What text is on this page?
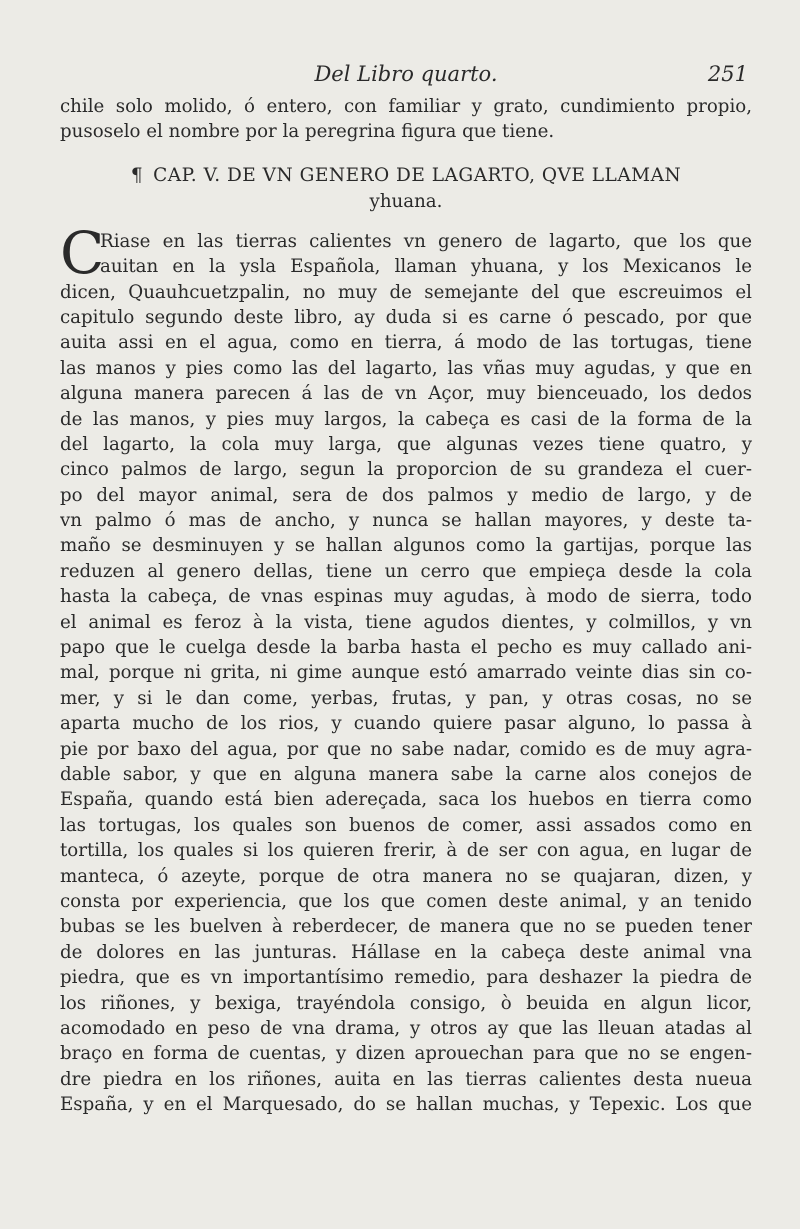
Del Libro quarto.	251
chile solo molido, ó entero, con familiar y grato, cundimiento propio,
pusoselo el nombre por la peregrina figura que tiene.
¶ CAP. V. DE VN GENERO DE LAGARTO, QVE LLAMAN
yhuana.
C
Riase en las tierras calientes vn genero de lagarto, que los que
auitan en la ysla Española, llaman yhuana, y los Mexicanos le
dicen, Quauhcuetzpalin, no muy de semejante del que escreuimos el
capitulo segundo deste libro, ay duda si es carne ó pescado, por que
auita assi en el agua, como en tierra, á modo de las tortugas, tiene
las manos y pies como las del lagarto, las vñas muy agudas, y que en
alguna manera parecen á las de vn Açor, muy bienceuado, los dedos
de las manos, y pies muy largos, la cabeça es casi de la forma de la
del lagarto, la cola muy larga, que algunas vezes tiene quatro, y
cinco palmos de largo, segun la proporcion de su grandeza el cuer-
po del mayor animal, sera de dos palmos y medio de largo, y de
vn palmo ó mas de ancho, y nunca se hallan mayores, y deste ta-
maño se desminuyen y se hallan algunos como la gartijas, porque las
reduzen al genero dellas, tiene un cerro que empieça desde la cola
hasta la cabeça, de vnas espinas muy agudas, à modo de sierra, todo
el animal es feroz à la vista, tiene agudos dientes, y colmillos, y vn
papo que le cuelga desde la barba hasta el pecho es muy callado ani-
mal, porque ni grita, ni gime aunque estó amarrado veinte dias sin co-
mer, y si le dan come, yerbas, frutas, y pan, y otras cosas, no se
aparta mucho de los rios, y cuando quiere pasar alguno, lo passa à
pie por baxo del agua, por que no sabe nadar, comido es de muy agra-
dable sabor, y que en alguna manera sabe la carne alos conejos de
España, quando está bien adereçada, saca los huebos en tierra como
las tortugas, los quales son buenos de comer, assi assados como en
tortilla, los quales si los quieren frerir, à de ser con agua, en lugar de
manteca, ó azeyte, porque de otra manera no se quajaran, dizen, y
consta por experiencia, que los que comen deste animal, y an tenido
bubas se les buelven à reberdecer, de manera que no se pueden tener
de dolores en las junturas. Hállase en la cabeça deste animal vna
piedra, que es vn importantísimo remedio, para deshazer la piedra de
los riñones, y bexiga, trayéndola consigo, ò beuida en algun licor,
acomodado en peso de vna drama, y otros ay que las lleuan atadas al
braço en forma de cuentas, y dizen aprouechan para que no se engen-
dre piedra en los riñones, auita en las tierras calientes desta nueua
España, y en el Marquesado, do se hallan muchas, y Tepexic. Los que
